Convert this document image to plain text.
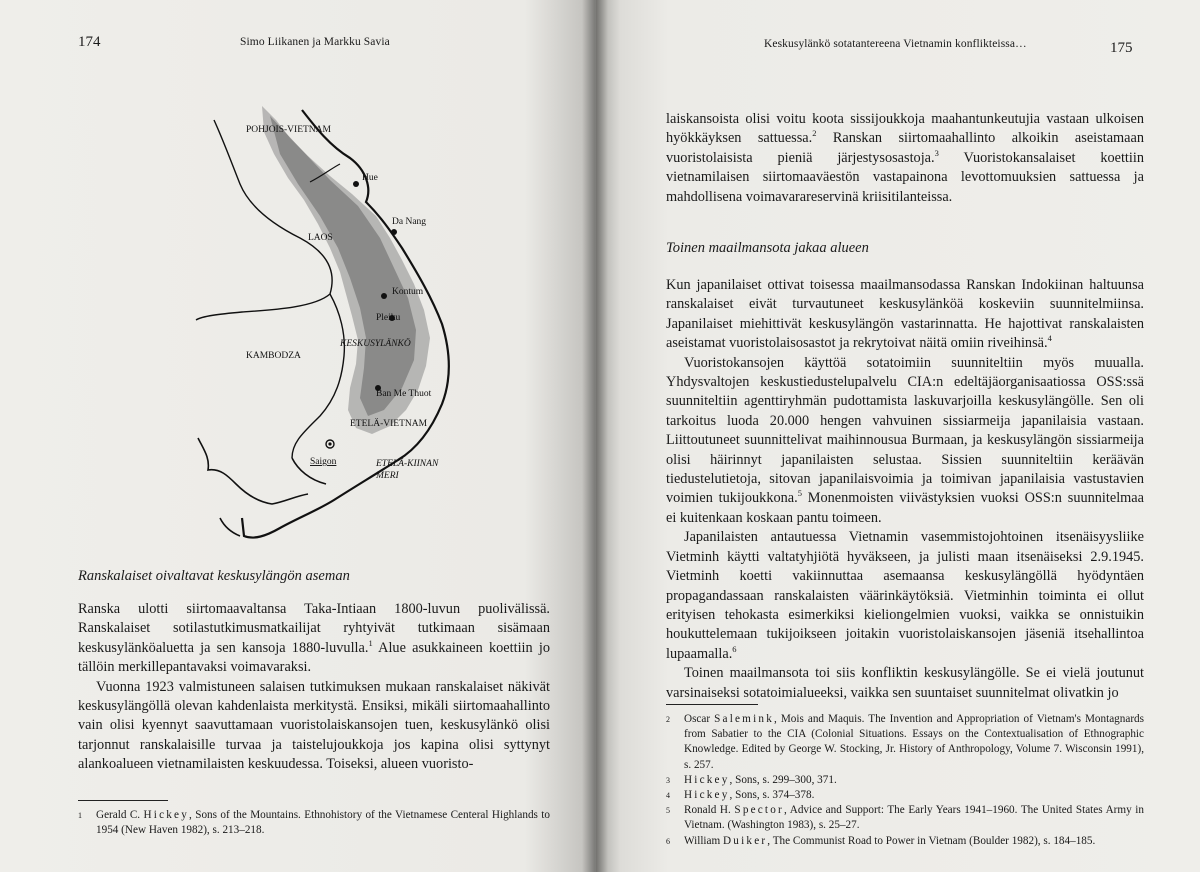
174	Simo Liikanen ja Markku Savia
POHJOIS-VIETNAM
Hue
Da Nang
LAOS
Kontum
Pleiku
KESKUSYLÄNKÖ
KAMBODZA
Ban Me Thuot
ETELÄ-VIETNAM
Saigon	ETELÄ-KIINAN
MERI
Ranskalaiset oivaltavat keskusylängön aseman

Ranska ulotti siirtomaavaltansa Taka-Intiaan 1800-luvun puolivälissä. Ranskalaiset sotilastutkimusmatkailijat ryhtyivät tutkimaan sisämaan keskusylänköaluetta ja sen kansoja 1880-luvulla.$^1$ Alue asukkaineen koettiin jo tällöin merkillepantavaksi voimavaraksi.

Vuonna 1923 valmistuneen salaisen tutkimuksen mukaan ranskalaiset näkivät keskusylängöllä olevan kahdenlaista merkitystä. Ensiksi, mikäli siirtomaahallinto vain olisi kyennyt saavuttamaan vuoristolaiskansojen tuen, keskusylänkö olisi tarjonnut ranskalaisille turvaa ja taistelujoukkoja jos kapina olisi syttynyt alankoalueen vietnamilaisten keskuudessa. Toiseksi, alueen vuoristo-

1 Gerald C. Hickey, Sons of the Mountains. Ethnohistory of the Vietnamese Centeral Highlands to 1954 (New Haven 1982), s. 213–218.

Keskusylänkö sotatantereena Vietnamin konflikteissa…	175

laiskansoista olisi voitu koota sissijoukkoja maahantunkeutujia vastaan ulkoisen hyökkäyksen sattuessa.$^2$ Ranskan siirtomaahallinto alkoikin aseistamaan vuoristolaisista pieniä järjestysosastoja.$^3$ Vuoristokansalaiset koettiin vietnamilaisen siirtomaaväestön vastapainona levottomuuksien sattuessa ja mahdollisena voimavarareservinä kriisitilanteissa.

Toinen maailmansota jakaa alueen

Kun japanilaiset ottivat toisessa maailmansodassa Ranskan Indokiinan haltuunsa ranskalaiset eivät turvautuneet keskusylänköä koskeviin suunnitelmiinsa. Japanilaiset miehittivät keskusylängön vastarinnatta. He hajottivat ranskalaisten aseistamat vuoristolaisosastot ja rekrytoivat näitä omiin riveihinsä.$^4$

Vuoristokansojen käyttöä sotatoimiin suunniteltiin myös muualla. Yhdysvaltojen keskustiedustelupalvelu CIA:n edeltäjäorganisaatiossa OSS:ssä suunniteltiin agenttiryhmän pudottamista laskuvarjoilla keskusylängölle. Sen oli tarkoitus luoda 20.000 hengen vahvuinen sissiarmeija japanilaisia vastaan. Liittoutuneet suunnittelivat maihinnousua Burmaan, ja keskusylängön sissiarmeija olisi häirinnyt japanilaisten selustaa. Sissien suunniteltiin keräävän tiedustelutietoja, sitovan japanilaisvoimia ja toimivan japanilaisia vastustavien voimien tukijoukkona.$^5$ Monenmoisten viivästyksien vuoksi OSS:n suunnitelmaa ei kuitenkaan koskaan pantu toimeen.

Japanilaisten antautuessa Vietnamin vasemmistojohtoinen itsenäisyysliike Vietminh käytti valtatyhjiötä hyväkseen, ja julisti maan itsenäiseksi 2.9.1945. Vietminh koetti vakiinnuttaa asemaansa keskusylängöllä hyödyntäen propagandassaan ranskalaisten väärinkäytöksiä. Vietminhin toiminta ei ollut erityisen tehokasta esimerkiksi kieliongelmien vuoksi, vaikka se onnistuikin houkuttelemaan tukijoikseen joitakin vuoristolaiskansojen jäseniä itsehallintoa lupaamalla.$^6$

Toinen maailmansota toi siis konfliktin keskusylängölle. Se ei vielä joutunut varsinaiseksi sotatoimialueeksi, vaikka sen suuntaiset suunnitelmat olivatkin jo

2 Oscar Salemink, Mois and Maquis. The Invention and Appropriation of Vietnam's Montagnards from Sabatier to the CIA (Colonial Situations. Essays on the Contextualisation of Ethnographic Knowledge. Edited by George W. Stocking, Jr. History of Anthropology, Volume 7. Wisconsin 1991), s. 257.

3 Hickey, Sons, s. 299–300, 371.

4 Hickey, Sons, s. 374–378.

5 Ronald H. Spector, Advice and Support: The Early Years 1941–1960. The United States Army in Vietnam. (Washington 1983), s. 25–27.

6 William Duiker, The Communist Road to Power in Vietnam (Boulder 1982), s. 184–185.
